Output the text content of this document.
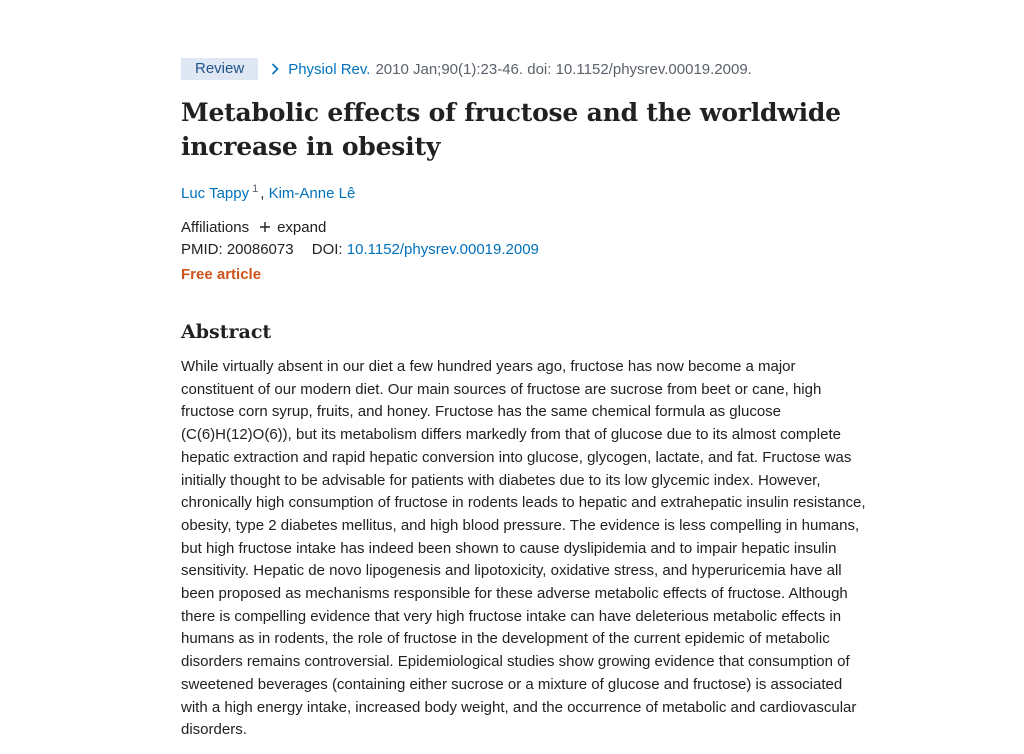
Review	Physiol Rev. 2010 Jan;90(1):23-46. doi: 10.1152/physrev.00019.2009.
Metabolic effects of fructose and the worldwide increase in obesity
Luc Tappy $^1$ , Kim-Anne Lê
Affiliations expand
PMID: 20086073 DOI: 10.1152/physrev.00019.2009
Free article
Abstract
While virtually absent in our diet a few hundred years ago, fructose has now become a major constituent of our modern diet. Our main sources of fructose are sucrose from beet or cane, high fructose corn syrup, fruits, and honey. Fructose has the same chemical formula as glucose (C(6)H(12)O(6)), but its metabolism differs markedly from that of glucose due to its almost complete hepatic extraction and rapid hepatic conversion into glucose, glycogen, lactate, and fat. Fructose was initially thought to be advisable for patients with diabetes due to its low glycemic index. However, chronically high consumption of fructose in rodents leads to hepatic and extrahepatic insulin resistance, obesity, type 2 diabetes mellitus, and high blood pressure. The evidence is less compelling in humans, but high fructose intake has indeed been shown to cause dyslipidemia and to impair hepatic insulin sensitivity. Hepatic de novo lipogenesis and lipotoxicity, oxidative stress, and hyperuricemia have all been proposed as mechanisms responsible for these adverse metabolic effects of fructose. Although there is compelling evidence that very high fructose intake can have deleterious metabolic effects in humans as in rodents, the role of fructose in the development of the current epidemic of metabolic disorders remains controversial. Epidemiological studies show growing evidence that consumption of sweetened beverages (containing either sucrose or a mixture of glucose and fructose) is associated with a high energy intake, increased body weight, and the occurrence of metabolic and cardiovascular disorders.
